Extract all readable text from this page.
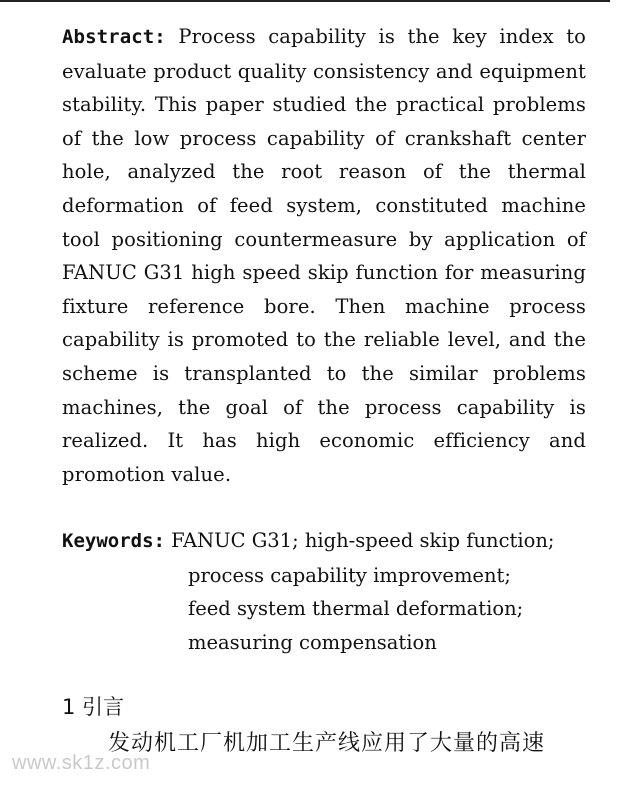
Abstract: Process capability is the key index to evaluate product quality consistency and equipment stability. This paper studied the practical problems of the low process capability of crankshaft center hole, analyzed the root reason of the thermal deformation of feed system, constituted machine tool positioning countermeasure by application of FANUC G31 high speed skip function for measuring fixture reference bore. Then machine process capability is promoted to the reliable level, and the scheme is transplanted to the similar problems machines, the goal of the process capability is realized. It has high economic efficiency and promotion value.

Keywords: FANUC G31; high-speed skip function;
process capability improvement;
feed system thermal deformation;
measuring compensation
1 引言

发动机工厂机加工生产线应用了大量的高速

www.sk1z.com
